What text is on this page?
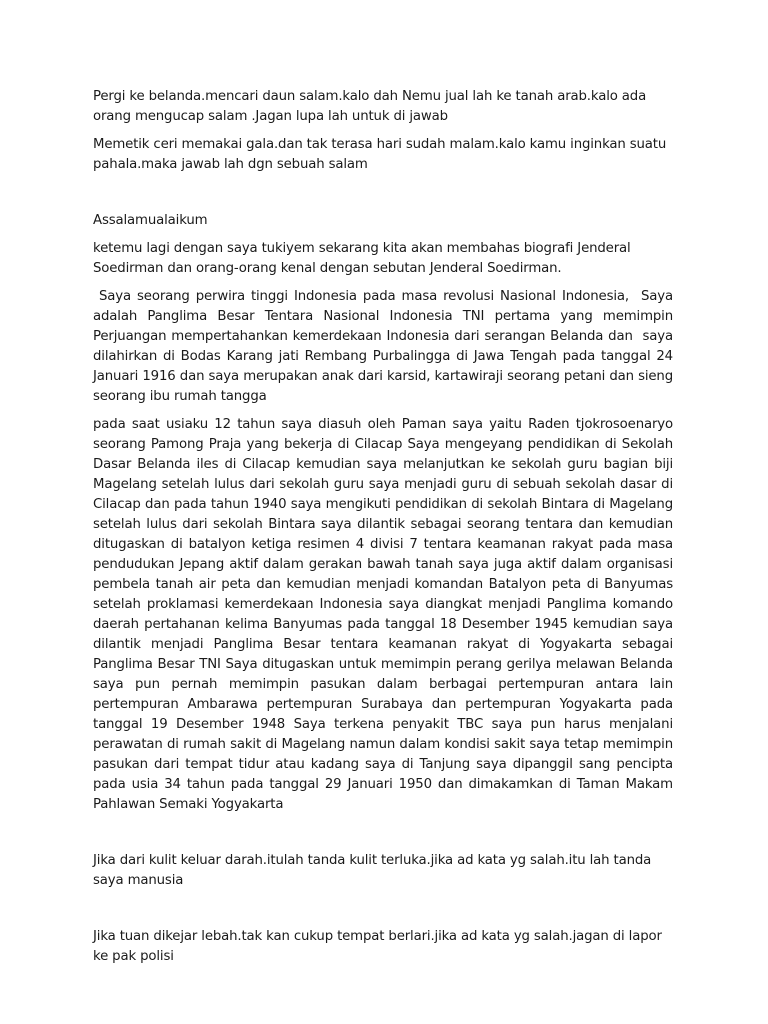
Pergi ke belanda.mencari daun salam.kalo dah Nemu jual lah ke tanah arab.kalo ada orang mengucap salam .Jagan lupa lah untuk di jawab

Memetik ceri memakai gala.dan tak terasa hari sudah malam.kalo kamu inginkan suatu pahala.maka jawab lah dgn sebuah salam

Assalamualaikum

ketemu lagi dengan saya tukiyem sekarang kita akan membahas biografi Jenderal Soedirman dan orang-orang kenal dengan sebutan Jenderal Soedirman.

Saya seorang perwira tinggi Indonesia pada masa revolusi Nasional Indonesia,  Saya adalah Panglima Besar Tentara Nasional Indonesia TNI pertama yang memimpin Perjuangan mempertahankan kemerdekaan Indonesia dari serangan Belanda dan  saya dilahirkan di Bodas Karang jati Rembang Purbalingga di Jawa Tengah pada tanggal 24 Januari 1916 dan saya merupakan anak dari karsid, kartawiraji seorang petani dan sieng seorang ibu rumah tangga

pada saat usiaku 12 tahun saya diasuh oleh Paman saya yaitu Raden tjokrosoenaryo seorang Pamong Praja yang bekerja di Cilacap Saya mengeyang pendidikan di Sekolah Dasar Belanda iles di Cilacap kemudian saya melanjutkan ke sekolah guru bagian biji Magelang setelah lulus dari sekolah guru saya menjadi guru di sebuah sekolah dasar di Cilacap dan pada tahun 1940 saya mengikuti pendidikan di sekolah Bintara di Magelang setelah lulus dari sekolah Bintara saya dilantik sebagai seorang tentara dan kemudian ditugaskan di batalyon ketiga resimen 4 divisi 7 tentara keamanan rakyat pada masa pendudukan Jepang aktif dalam gerakan bawah tanah saya juga aktif dalam organisasi pembela tanah air peta dan kemudian menjadi komandan Batalyon peta di Banyumas setelah proklamasi kemerdekaan Indonesia saya diangkat menjadi Panglima komando daerah pertahanan kelima Banyumas pada tanggal 18 Desember 1945 kemudian saya dilantik menjadi Panglima Besar tentara keamanan rakyat di Yogyakarta sebagai Panglima Besar TNI Saya ditugaskan untuk memimpin perang gerilya melawan Belanda saya pun pernah memimpin pasukan dalam berbagai pertempuran antara lain pertempuran Ambarawa pertempuran Surabaya dan pertempuran Yogyakarta pada tanggal 19 Desember 1948 Saya terkena penyakit TBC saya pun harus menjalani perawatan di rumah sakit di Magelang namun dalam kondisi sakit saya tetap memimpin pasukan dari tempat tidur atau kadang saya di Tanjung saya dipanggil sang pencipta pada usia 34 tahun pada tanggal 29 Januari 1950 dan dimakamkan di Taman Makam Pahlawan Semaki Yogyakarta

Jika dari kulit keluar darah.itulah tanda kulit terluka.jika ad kata yg salah.itu lah tanda saya manusia

Jika tuan dikejar lebah.tak kan cukup tempat berlari.jika ad kata yg salah.jagan di lapor ke pak polisi
